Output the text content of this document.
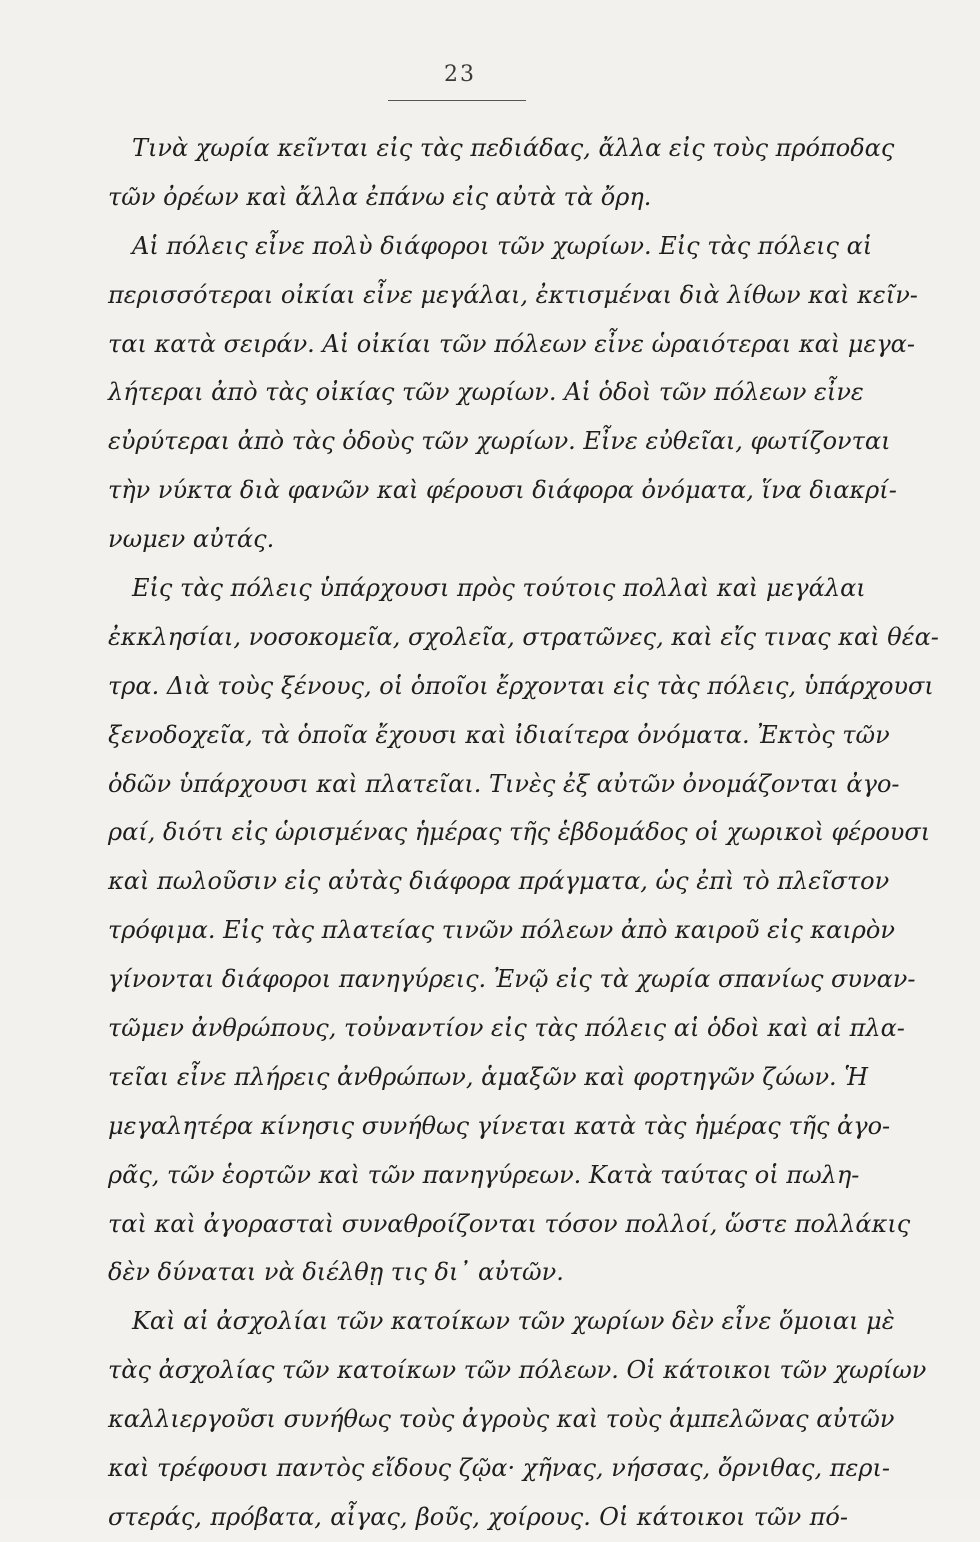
23
Τινὰ χωρία κεῖνται εἰς τὰς πεδιάδας, ἄλλα εἰς τοὺς πρόποδας
τῶν ὀρέων καὶ ἄλλα ἐπάνω εἰς αὐτὰ τὰ ὄρη.
Αἱ πόλεις εἶνε πολὺ διάφοροι τῶν χωρίων. Εἰς τὰς πόλεις αἱ
περισσότεραι οἰκίαι εἶνε μεγάλαι, ἐκτισμέναι διὰ λίθων καὶ κεῖν-
ται κατὰ σειράν. Αἱ οἰκίαι τῶν πόλεων εἶνε ὡραιότεραι καὶ μεγα-
λήτεραι ἀπὸ τὰς οἰκίας τῶν χωρίων. Αἱ ὁδοὶ τῶν πόλεων εἶνε
εὐρύτεραι ἀπὸ τὰς ὁδοὺς τῶν χωρίων. Εἶνε εὐθεῖαι, φωτίζονται
τὴν νύκτα διὰ φανῶν καὶ φέρουσι διάφορα ὀνόματα, ἵνα διακρί-
νωμεν αὐτάς.
Εἰς τὰς πόλεις ὑπάρχουσι πρὸς τούτοις πολλαὶ καὶ μεγάλαι
ἐκκλησίαι, νοσοκομεῖα, σχολεῖα, στρατῶνες, καὶ εἴς τινας καὶ θέα-
τρα. Διὰ τοὺς ξένους, οἱ ὁποῖοι ἔρχονται εἰς τὰς πόλεις, ὑπάρχουσι
ξενοδοχεῖα, τὰ ὁποῖα ἔχουσι καὶ ἰδιαίτερα ὀνόματα. Ἐκτὸς τῶν
ὁδῶν ὑπάρχουσι καὶ πλατεῖαι. Τινὲς ἐξ αὐτῶν ὀνομάζονται ἀγο-
ραί, διότι εἰς ὡρισμένας ἡμέρας τῆς ἑβδομάδος οἱ χωρικοὶ φέρουσι
καὶ πωλοῦσιν εἰς αὐτὰς διάφορα πράγματα, ὡς ἐπὶ τὸ πλεῖστον
τρόφιμα. Εἰς τὰς πλατείας τινῶν πόλεων ἀπὸ καιροῦ εἰς καιρὸν
γίνονται διάφοροι πανηγύρεις. Ἐνῷ εἰς τὰ χωρία σπανίως συναν-
τῶμεν ἀνθρώπους, τοὐναντίον εἰς τὰς πόλεις αἱ ὁδοὶ καὶ αἱ πλα-
τεῖαι εἶνε πλήρεις ἀνθρώπων, ἁμαξῶν καὶ φορτηγῶν ζώων. Ἡ
μεγαλητέρα κίνησις συνήθως γίνεται κατὰ τὰς ἡμέρας τῆς ἀγο-
ρᾶς, τῶν ἑορτῶν καὶ τῶν πανηγύρεων. Κατὰ ταύτας οἱ πωλη-
ταὶ καὶ ἀγορασταὶ συναθροίζονται τόσον πολλοί, ὥστε πολλάκις
δὲν δύναται νὰ διέλθῃ τις δι᾽ αὐτῶν.
Καὶ αἱ ἀσχολίαι τῶν κατοίκων τῶν χωρίων δὲν εἶνε ὅμοιαι μὲ
τὰς ἀσχολίας τῶν κατοίκων τῶν πόλεων. Οἱ κάτοικοι τῶν χωρίων
καλλιεργοῦσι συνήθως τοὺς ἀγροὺς καὶ τοὺς ἀμπελῶνας αὐτῶν
καὶ τρέφουσι παντὸς εἴδους ζῷα· χῆνας, νήσσας, ὄρνιθας, περι-
στεράς, πρόβατα, αἶγας, βοῦς, χοίρους. Οἱ κάτοικοι τῶν πό-
